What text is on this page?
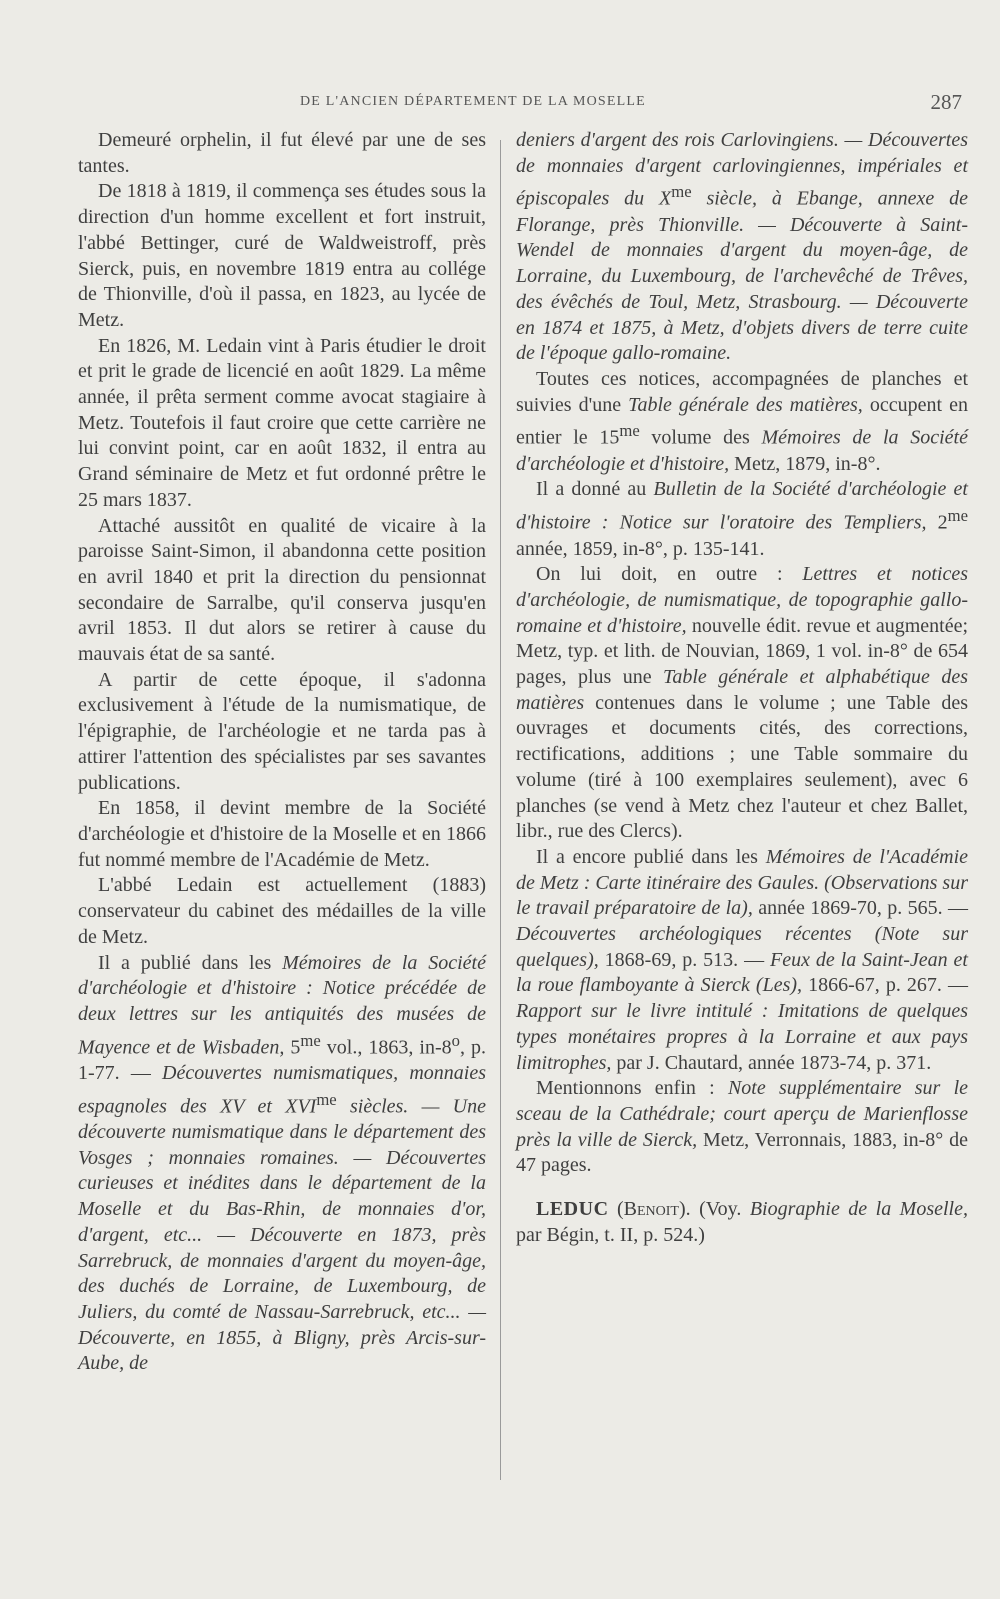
DE L'ANCIEN DÉPARTEMENT DE LA MOSELLE	287

Demeuré orphelin, il fut élevé par une de ses tantes.

De 1818 à 1819, il commença ses études sous la direction d'un homme excellent et fort instruit, l'abbé Bettinger, curé de Waldweistroff, près Sierck, puis, en novembre 1819 entra au collége de Thionville, d'où il passa, en 1823, au lycée de Metz.

En 1826, M. Ledain vint à Paris étudier le droit et prit le grade de licencié en août 1829. La même année, il prêta serment comme avocat stagiaire à Metz. Toutefois il faut croire que cette carrière ne lui convint point, car en août 1832, il entra au Grand séminaire de Metz et fut ordonné prêtre le 25 mars 1837.

Attaché aussitôt en qualité de vicaire à la paroisse Saint-Simon, il abandonna cette position en avril 1840 et prit la direction du pensionnat secondaire de Sarralbe, qu'il conserva jusqu'en avril 1853. Il dut alors se retirer à cause du mauvais état de sa santé.

A partir de cette époque, il s'adonna exclusivement à l'étude de la numismatique, de l'épigraphie, de l'archéologie et ne tarda pas à attirer l'attention des spécialistes par ses savantes publications.

En 1858, il devint membre de la Société d'archéologie et d'histoire de la Moselle et en 1866 fut nommé membre de l'Académie de Metz.

L'abbé Ledain est actuellement (1883) conservateur du cabinet des médailles de la ville de Metz.

Il a publié dans les Mémoires de la Société d'archéologie et d'histoire : Notice précédée de deux lettres sur les antiquités des musées de Mayence et de Wisbaden, $5^{me}$ vol., 1863, in-8$^o$, p. 1-77. — Découvertes numismatiques, monnaies espagnoles des XV et $XVI^{me}$ siècles. — Une découverte numismatique dans le département des Vosges ; monnaies romaines. — Découvertes curieuses et inédites dans le département de la Moselle et du Bas-Rhin, de monnaies d'or, d'argent, etc... — Découverte en 1873, près Sarrebruck, de monnaies d'argent du moyen-âge, des duchés de Lorraine, de Luxembourg, de Juliers, du comté de Nassau-Sarrebruck, etc... — Découverte, en 1855, à Bligny, près Arcis-sur-Aube, de

deniers d'argent des rois Carlovingiens. — Découvertes de monnaies d'argent carlovingiennes, impériales et épiscopales du $X^{me}$ siècle, à Ebange, annexe de Florange, près Thionville. — Découverte à Saint-Wendel de monnaies d'argent du moyen-âge, de Lorraine, du Luxembourg, de l'archevêché de Trêves, des évêchés de Toul, Metz, Strasbourg. — Découverte en 1874 et 1875, à Metz, d'objets divers de terre cuite de l'époque gallo-romaine.

Toutes ces notices, accompagnées de planches et suivies d'une Table générale des matières, occupent en entier le $15^{me}$ volume des Mémoires de la Société d'archéologie et d'histoire, Metz, 1879, in-8°.

Il a donné au Bulletin de la Société d'archéologie et d'histoire : Notice sur l'oratoire des Templiers, $2^{me}$ année, 1859, in-8°, p. 135-141.

On lui doit, en outre : Lettres et notices d'archéologie, de numismatique, de topographie gallo-romaine et d'histoire, nouvelle édit. revue et augmentée; Metz, typ. et lith. de Nouvian, 1869, 1 vol. in-8° de 654 pages, plus une Table générale et alphabétique des matières contenues dans le volume ; une Table des ouvrages et documents cités, des corrections, rectifications, additions ; une Table sommaire du volume (tiré à 100 exemplaires seulement), avec 6 planches (se vend à Metz chez l'auteur et chez Ballet, libr., rue des Clercs).

Il a encore publié dans les Mémoires de l'Académie de Metz : Carte itinéraire des Gaules. (Observations sur le travail préparatoire de la), année 1869-70, p. 565. — Découvertes archéologiques récentes (Note sur quelques), 1868-69, p. 513. — Feux de la Saint-Jean et la roue flamboyante à Sierck (Les), 1866-67, p. 267. — Rapport sur le livre intitulé : Imitations de quelques types monétaires propres à la Lorraine et aux pays limitrophes, par J. Chautard, année 1873-74, p. 371.

Mentionnons enfin : Note supplémentaire sur le sceau de la Cathédrale; court aperçu de Marienflosse près la ville de Sierck, Metz, Verronnais, 1883, in-8° de 47 pages.

LEDUC (Benoit). (Voy. Biographie de la Moselle, par Bégin, t. II, p. 524.)
